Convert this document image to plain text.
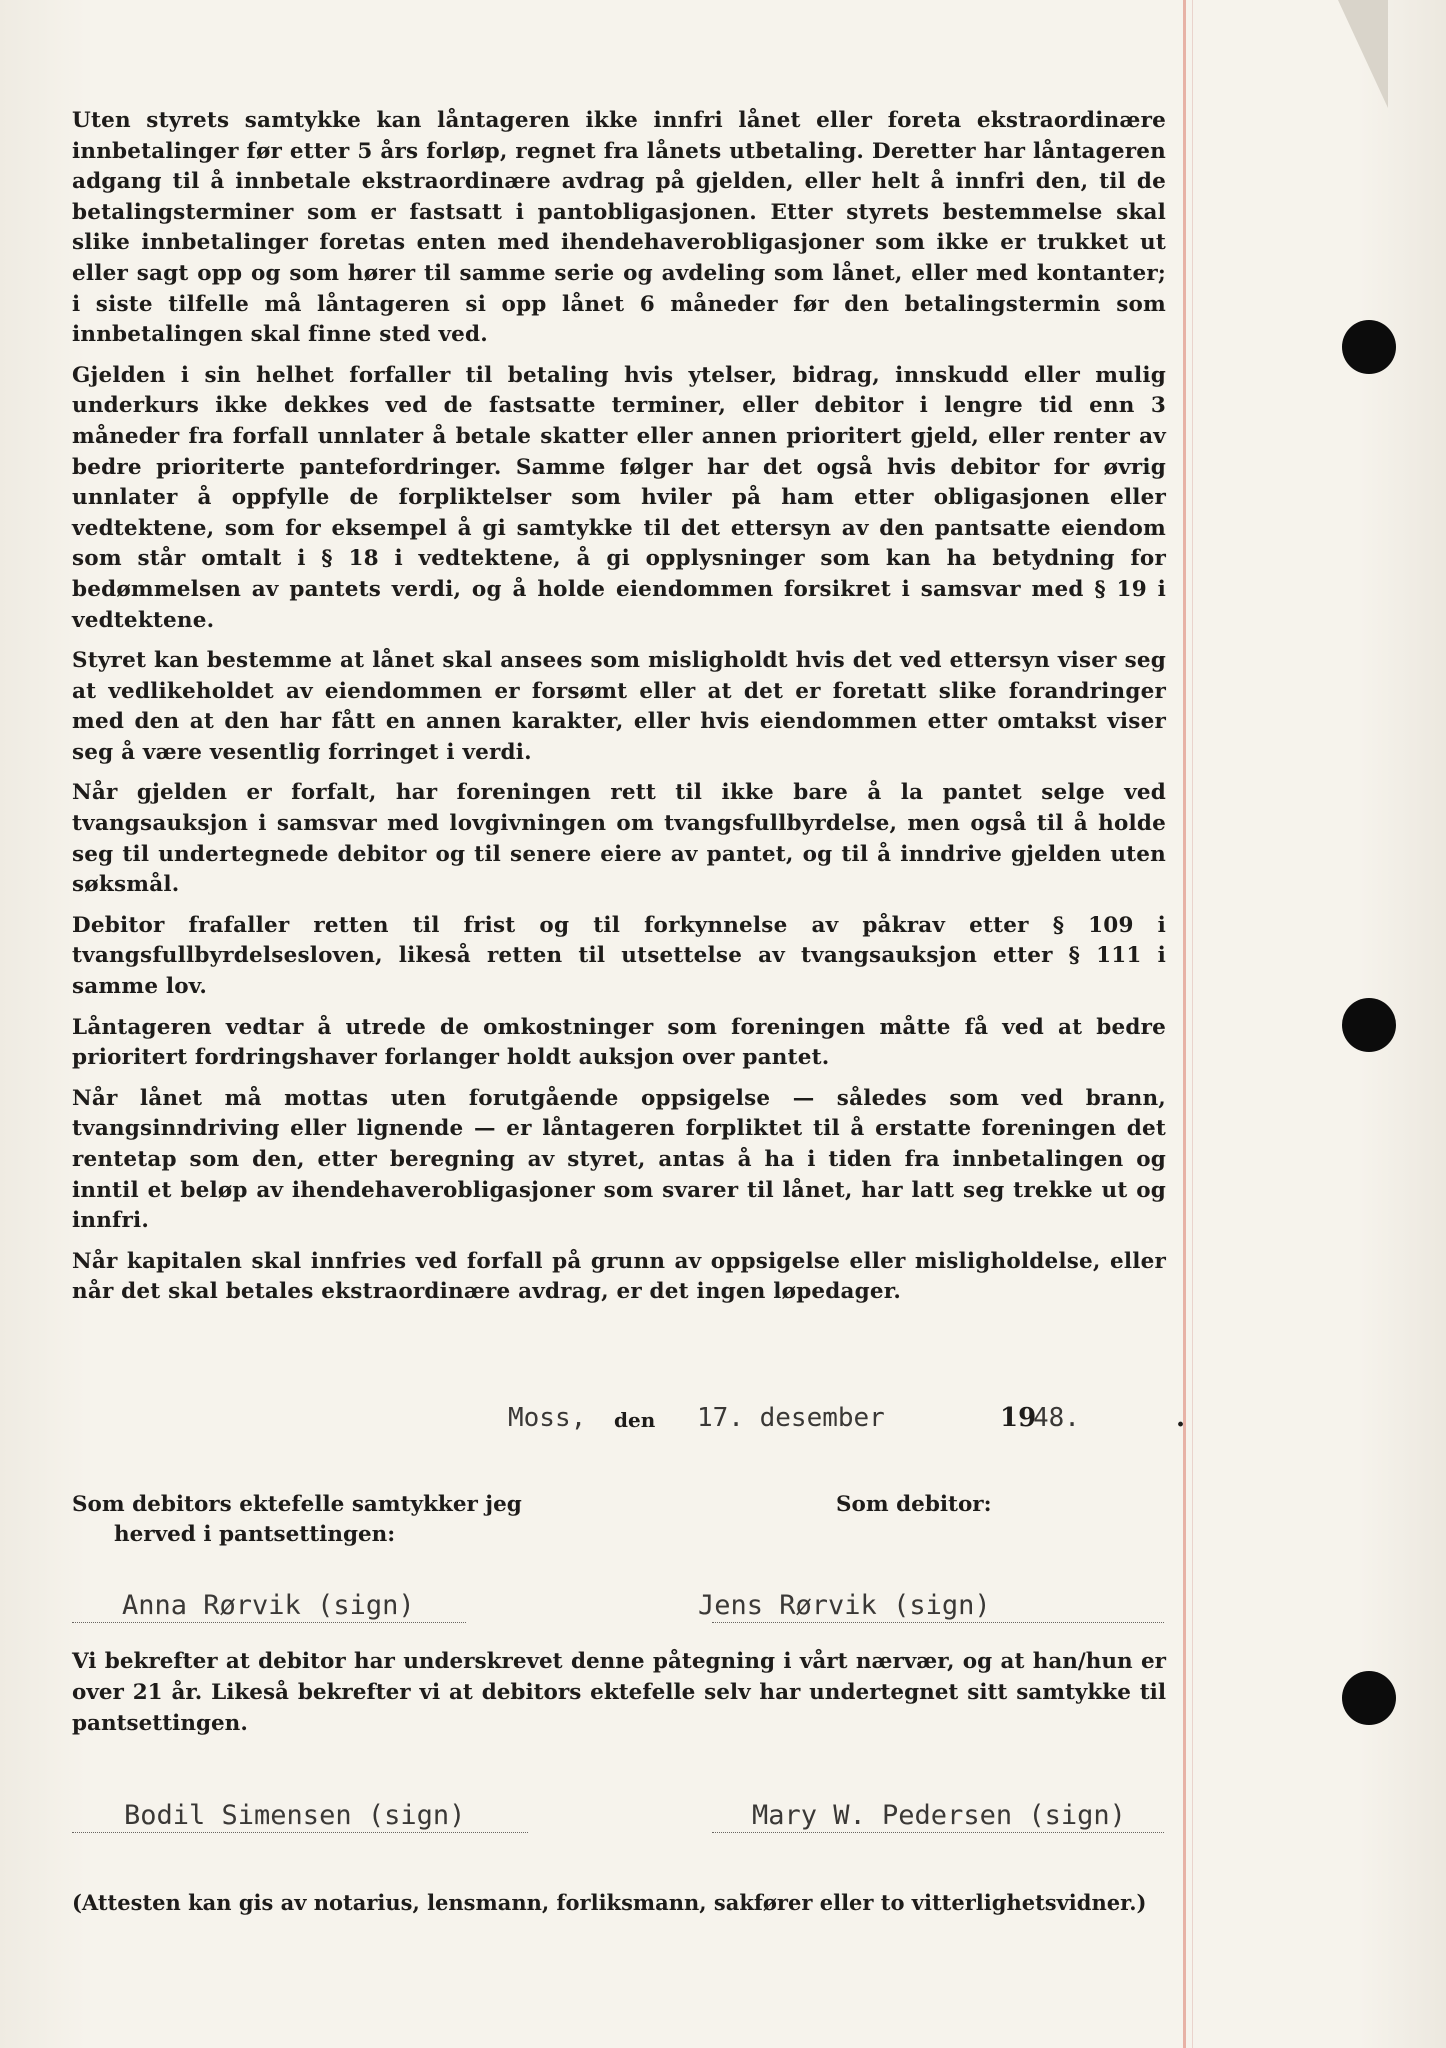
Uten styrets samtykke kan låntageren ikke innfri lånet eller foreta ekstraordinære innbetalinger før etter 5 års forløp, regnet fra lånets utbetaling. Deretter har låntageren adgang til å innbetale ekstraordinære avdrag på gjelden, eller helt å innfri den, til de betalingsterminer som er fastsatt i pantobligasjonen. Etter styrets bestemmelse skal slike innbetalinger foretas enten med ihendehaverobligasjoner som ikke er trukket ut eller sagt opp og som hører til samme serie og avdeling som lånet, eller med kontanter; i siste tilfelle må låntageren si opp lånet 6 måneder før den betalingstermin som innbetalingen skal finne sted ved.

Gjelden i sin helhet forfaller til betaling hvis ytelser, bidrag, innskudd eller mulig underkurs ikke dekkes ved de fastsatte terminer, eller debitor i lengre tid enn 3 måneder fra forfall unnlater å betale skatter eller annen prioritert gjeld, eller renter av bedre prioriterte pantefordringer. Samme følger har det også hvis debitor for øvrig unnlater å oppfylle de forpliktelser som hviler på ham etter obligasjonen eller vedtektene, som for eksempel å gi samtykke til det ettersyn av den pantsatte eiendom som står omtalt i § 18 i vedtektene, å gi opplysninger som kan ha betydning for bedømmelsen av pantets verdi, og å holde eiendommen forsikret i samsvar med § 19 i vedtektene.

Styret kan bestemme at lånet skal ansees som misligholdt hvis det ved ettersyn viser seg at vedlikeholdet av eiendommen er forsømt eller at det er foretatt slike forandringer med den at den har fått en annen karakter, eller hvis eiendommen etter omtakst viser seg å være vesentlig forringet i verdi.

Når gjelden er forfalt, har foreningen rett til ikke bare å la pantet selge ved tvangsauksjon i samsvar med lovgivningen om tvangsfullbyrdelse, men også til å holde seg til undertegnede debitor og til senere eiere av pantet, og til å inndrive gjelden uten søksmål.

Debitor frafaller retten til frist og til forkynnelse av påkrav etter § 109 i tvangsfullbyrdelsesloven, likeså retten til utsettelse av tvangsauksjon etter § 111 i samme lov.

Låntageren vedtar å utrede de omkostninger som foreningen måtte få ved at bedre prioritert fordringshaver forlanger holdt auksjon over pantet.

Når lånet må mottas uten forutgående oppsigelse — således som ved brann, tvangsinndriving eller lignende — er låntageren forpliktet til å erstatte foreningen det rentetap som den, etter beregning av styret, antas å ha i tiden fra innbetalingen og inntil et beløp av ihendehaverobligasjoner som svarer til lånet, har latt seg trekke ut og innfri.

Når kapitalen skal innfries ved forfall på grunn av oppsigelse eller misligholdelse, eller når det skal betales ekstraordinære avdrag, er det ingen løpedager.

Moss, den 17. desember	19
48.	.
Som debitors ektefelle samtykker jeg
herved i pantsettingen:
Som debitor:
Anna Rørvik (sign)	Jens Rørvik (sign)
Vi bekrefter at debitor har underskrevet denne påtegning i vårt nærvær, og at han/hun er over 21 år. Likeså bekrefter vi at debitors ektefelle selv har undertegnet sitt samtykke til pantsettingen.
Bodil Simensen (sign)	Mary W. Pedersen (sign)
(Attesten kan gis av notarius, lensmann, forliksmann, sakfører eller to vitterlighetsvidner.)
